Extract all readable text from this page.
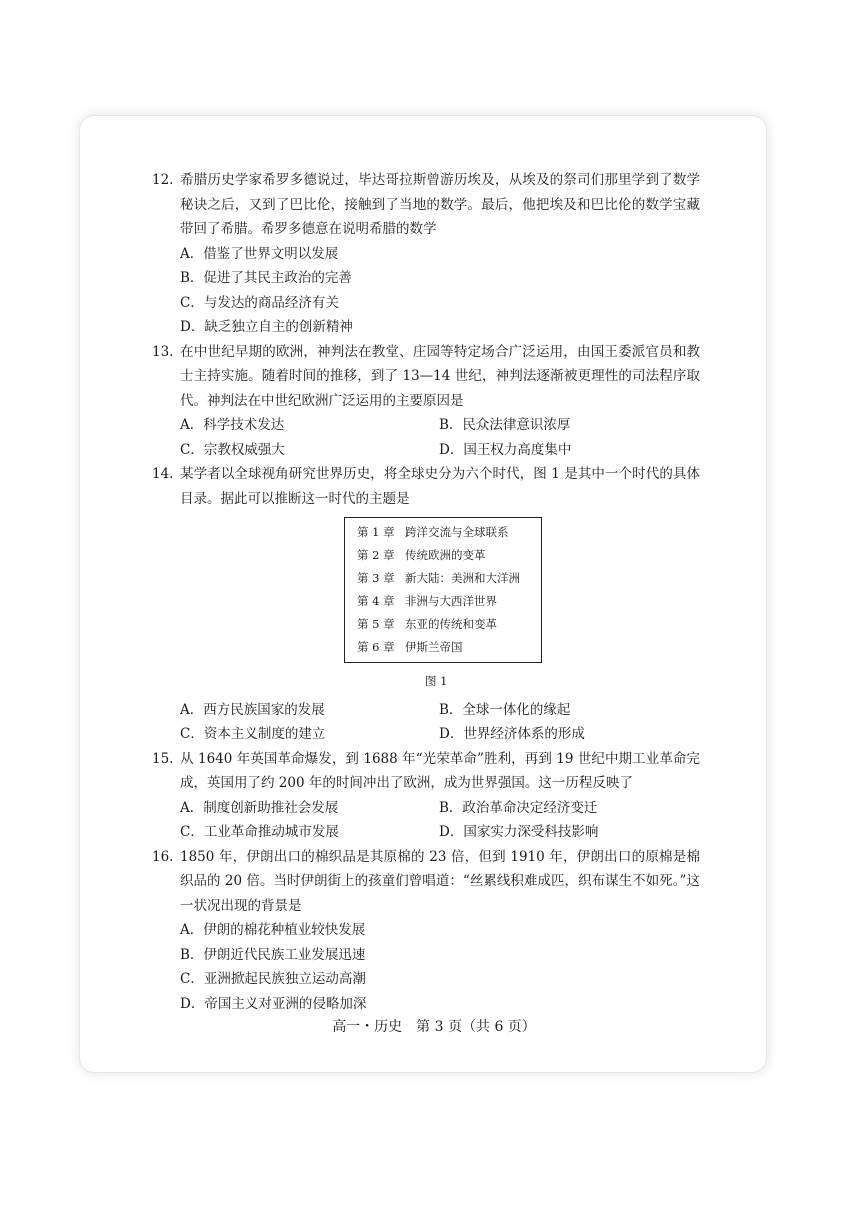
12. 希腊历史学家希罗多德说过，毕达哥拉斯曾游历埃及，从埃及的祭司们那里学到了数学秘诀之后，又到了巴比伦，接触到了当地的数学。最后，他把埃及和巴比伦的数学宝藏带回了希腊。希罗多德意在说明希腊的数学
A．借鉴了世界文明以发展
B．促进了其民主政治的完善
C．与发达的商品经济有关
D．缺乏独立自主的创新精神
13. 在中世纪早期的欧洲，神判法在教堂、庄园等特定场合广泛运用，由国王委派官员和教士主持实施。随着时间的推移，到了 13—14 世纪，神判法逐渐被更理性的司法程序取代。神判法在中世纪欧洲广泛运用的主要原因是
A．科学技术发达	B．民众法律意识浓厚
C．宗教权威强大	D．国王权力高度集中
14. 某学者以全球视角研究世界历史，将全球史分为六个时代，图 1 是其中一个时代的具体目录。据此可以推断这一时代的主题是
第 1 章 跨洋交流与全球联系
第 2 章 传统欧洲的变革
第 3 章 新大陆：美洲和大洋洲
第 4 章 非洲与大西洋世界
第 5 章 东亚的传统和变革
第 6 章 伊斯兰帝国
图 1
A．西方民族国家的发展	B．全球一体化的缘起
C．资本主义制度的建立	D．世界经济体系的形成
15. 从 1640 年英国革命爆发，到 1688 年“光荣革命”胜利，再到 19 世纪中期工业革命完成，英国用了约 200 年的时间冲出了欧洲，成为世界强国。这一历程反映了
A．制度创新助推社会发展	B．政治革命决定经济变迁
C．工业革命推动城市发展	D．国家实力深受科技影响
16. 1850 年，伊朗出口的棉织品是其原棉的 23 倍，但到 1910 年，伊朗出口的原棉是棉织品的 20 倍。当时伊朗街上的孩童们曾唱道：“丝累线积难成匹，织布谋生不如死。”这一状况出现的背景是
A．伊朗的棉花种植业较快发展
B．伊朗近代民族工业发展迅速
C．亚洲掀起民族独立运动高潮
D．帝国主义对亚洲的侵略加深
高一・历史　第 3 页（共 6 页）
